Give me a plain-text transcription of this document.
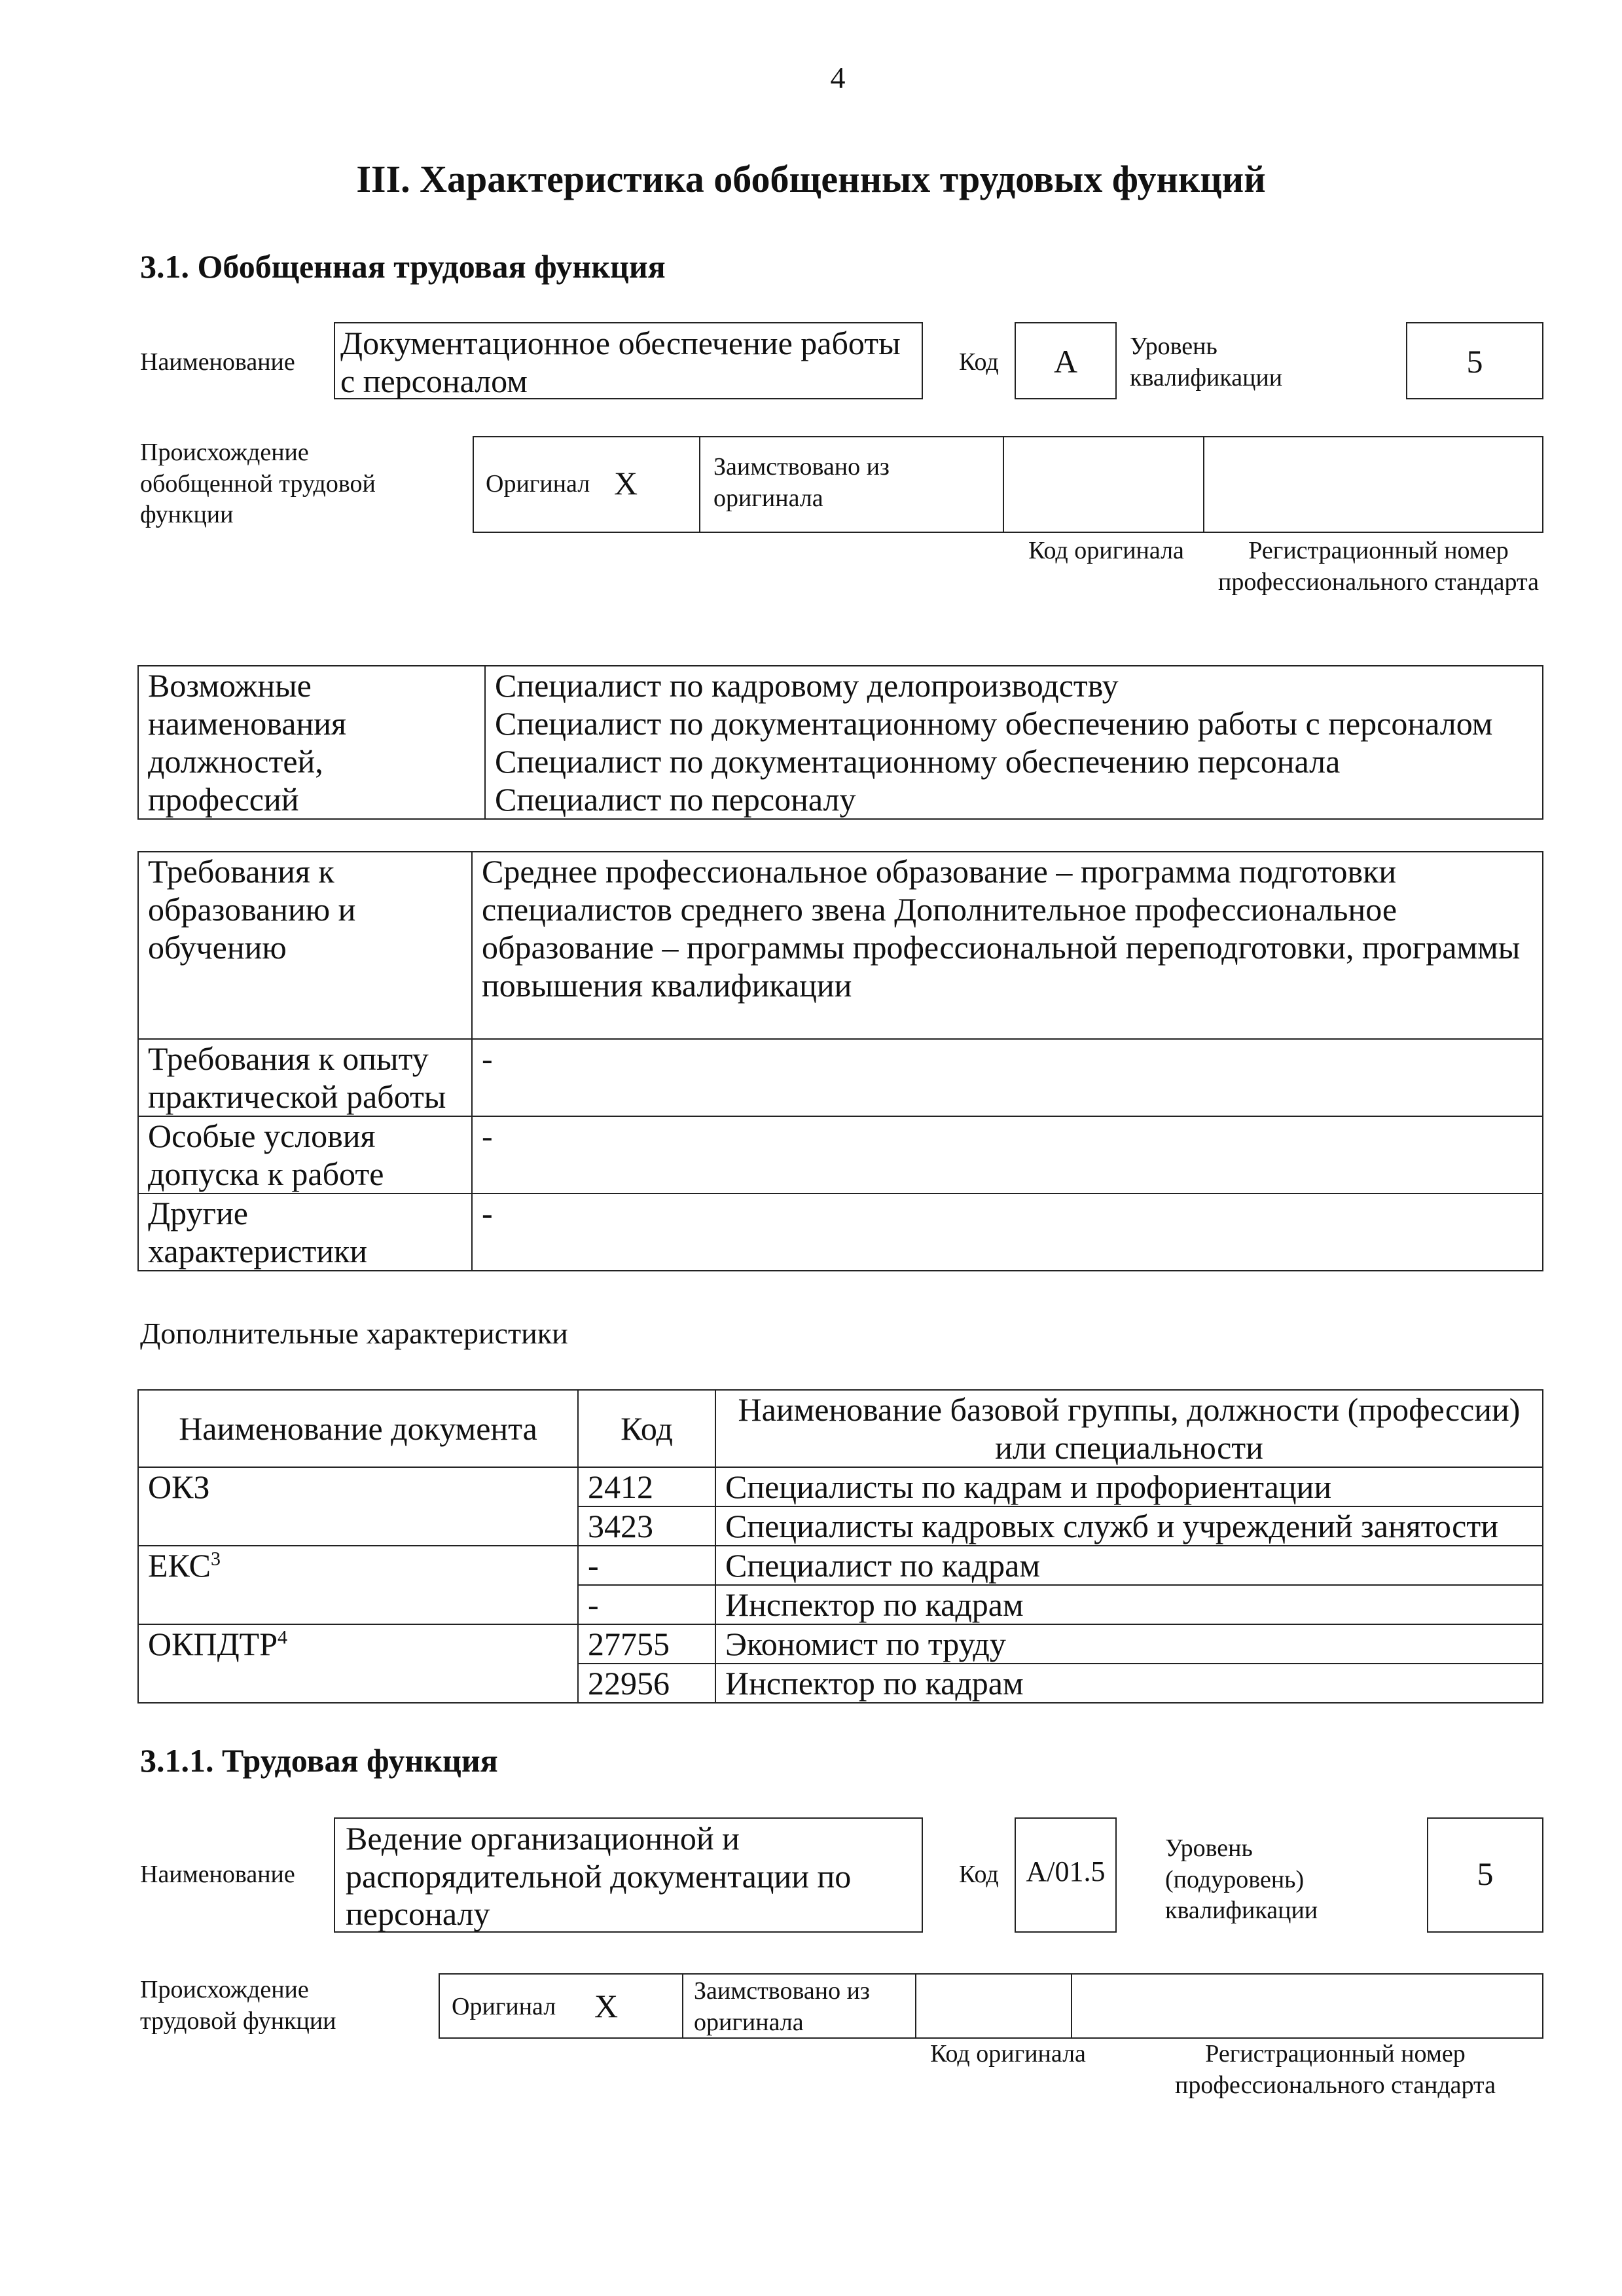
4
III. Характеристика обобщенных трудовых функций
3.1. Обобщенная трудовая функция
Наименование
Документационное обеспечение работы с персоналом
Код	А	Уровень квалификации	5
Происхождение обобщенной трудовой функции
Оригинал Х	Заимствовано из оригинала
Код оригинала	Регистрационный номер профессионального стандарта
Возможные наименования должностей, профессий	
Специалист по кадровому делопроизводству
Специалист по документационному обеспечению работы с персоналом
Специалист по документационному обеспечению персонала
Специалист по персоналу
Требования к образованию и обучению	Среднее профессиональное образование – программа подготовки специалистов среднего звена Дополнительное профессиональное образование – программы профессиональной переподготовки, программы повышения квалификации
Требования к опыту практической работы	-
Особые условия допуска к работе	-
Другие характеристики	-
Дополнительные характеристики
Наименование документа	Код	Наименование базовой группы, должности (профессии) или специальности
ОКЗ	2412	Специалисты по кадрам и профориентации
	3423	Специалисты кадровых служб и учреждений занятости
ЕКС$^3$	-	Специалист по кадрам
	-	Инспектор по кадрам
ОКПДТР$^4$	27755	Экономист по труду
	22956	Инспектор по кадрам
3.1.1. Трудовая функция
Наименование
Ведение организационной и распорядительной документации по персоналу
Код A/01.5
Уровень (подуровень) квалификации
5
Происхождение трудовой функции
Оригинал Х	Заимствовано из оригинала
Код оригинала	Регистрационный номер профессионального стандарта
